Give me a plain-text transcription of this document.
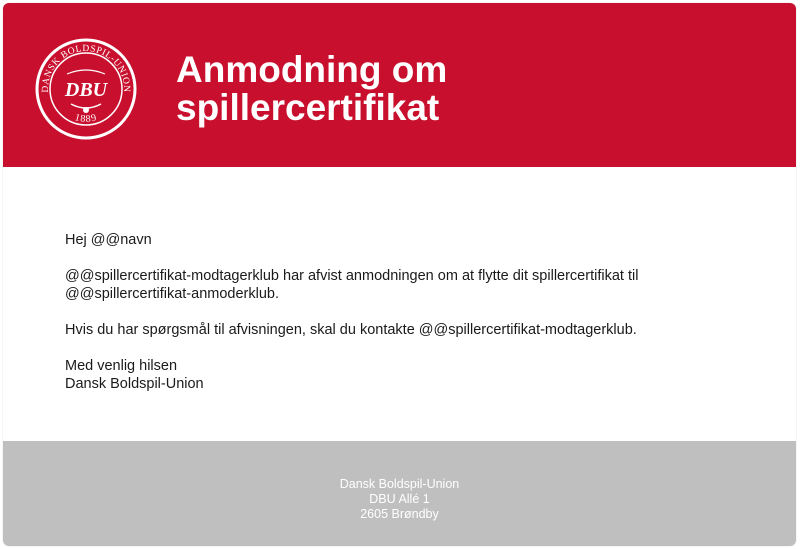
DANSK BOLDSPIL-UNION
1889
DBU Anmodning om
spillercertifikat

Hej @@navn

@@spillercertifikat-modtagerklub har afvist anmodningen om at flytte dit spillercertifikat til
@@spillercertifikat-anmoderklub.

Hvis du har spørgsmål til afvisningen, skal du kontakte @@spillercertifikat-modtagerklub.

Med venlig hilsen
Dansk Boldspil-Union
Dansk Boldspil-Union
DBU Allé 1
2605 Brøndby
